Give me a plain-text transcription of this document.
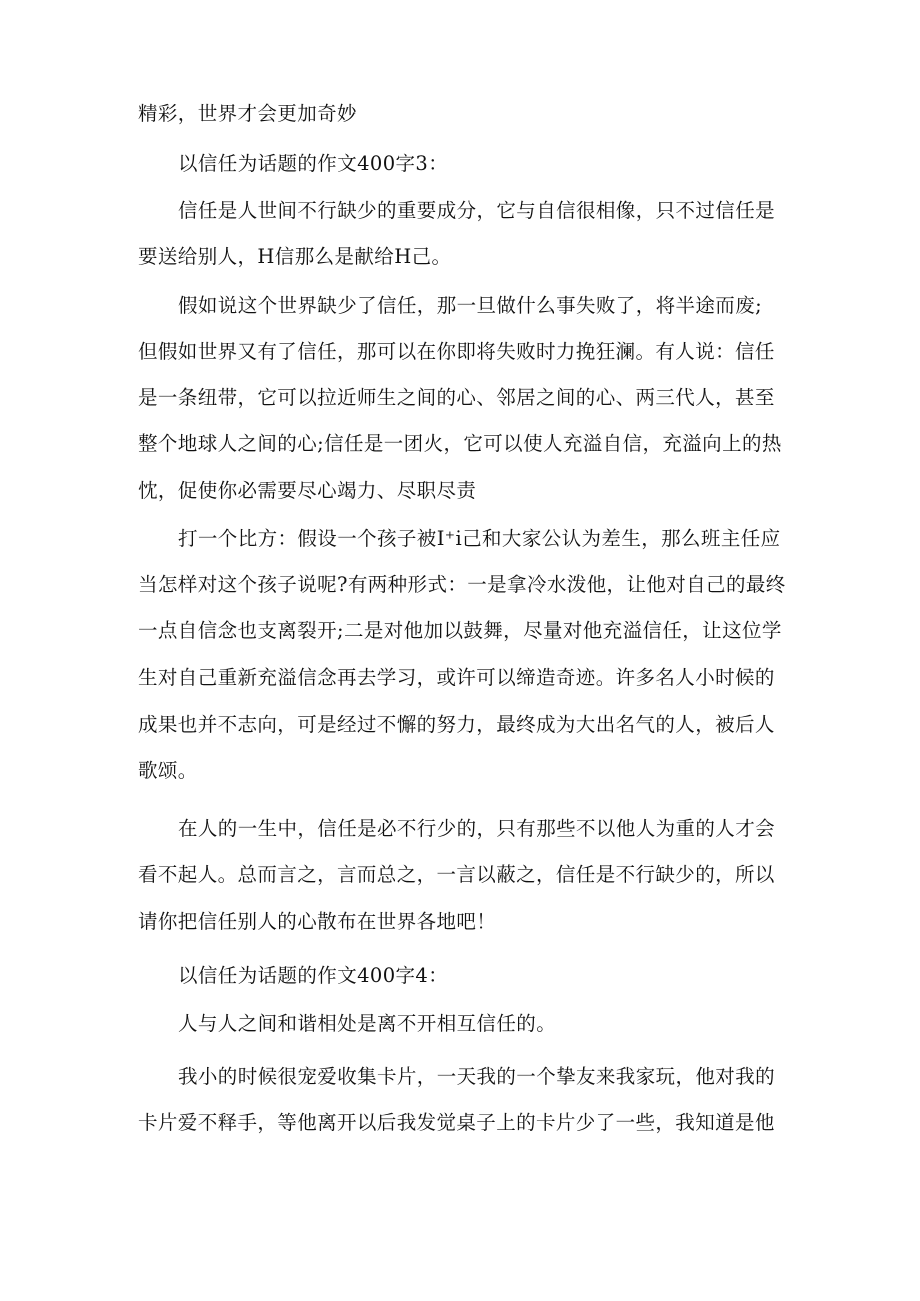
精彩，世界才会更加奇妙
以信任为话题的作文400字3：
信任是人世间不行缺少的重要成分，它与自信很相像，只不过信任是
要送给别人，H信那么是献给H己。
假如说这个世界缺少了信任，那一旦做什么事失败了，将半途而废;
但假如世界又有了信任，那可以在你即将失败时力挽狂澜。有人说：信任
是一条纽带，它可以拉近师生之间的心、邻居之间的心、两三代人，甚至
整个地球人之间的心;信任是一团火，它可以使人充溢自信，充溢向上的热
忱，促使你必需要尽心竭力、尽职尽责
打一个比方：假设一个孩子被I⁺i己和大家公认为差生，那么班主任应
当怎样对这个孩子说呢?有两种形式：一是拿冷水泼他，让他对自己的最终
一点自信念也支离裂开;二是对他加以鼓舞，尽量对他充溢信任，让这位学
生对自己重新充溢信念再去学习，或许可以缔造奇迹。许多名人小时候的
成果也并不志向，可是经过不懈的努力，最终成为大出名气的人，被后人
歌颂。
在人的一生中，信任是必不行少的，只有那些不以他人为重的人才会
看不起人。总而言之，言而总之，一言以蔽之，信任是不行缺少的，所以
请你把信任别人的心散布在世界各地吧！
以信任为话题的作文400字4：
人与人之间和谐相处是离不开相互信任的。
我小的时候很宠爱收集卡片，一天我的一个挚友来我家玩，他对我的
卡片爱不释手，等他离开以后我发觉桌子上的卡片少了一些，我知道是他
